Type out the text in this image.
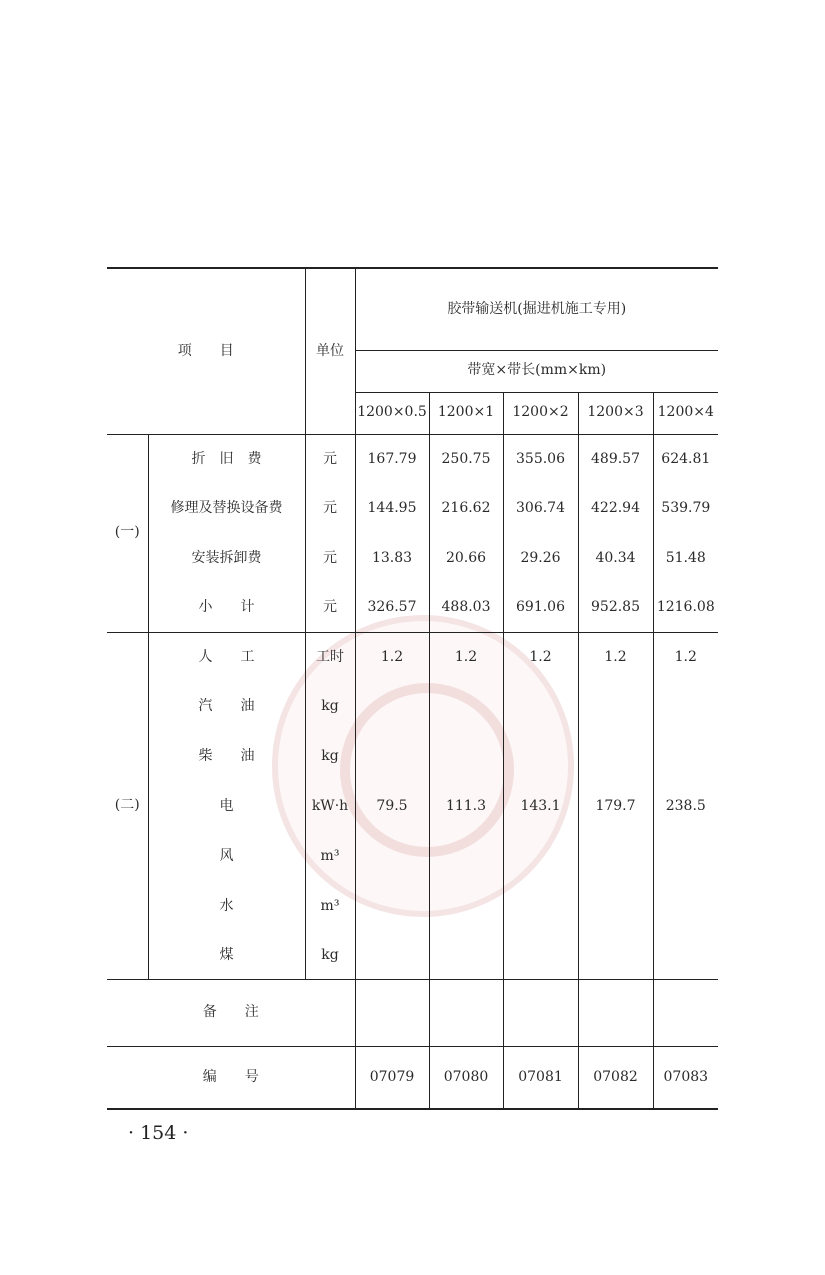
项　　目		单位	胶带输送机(掘进机施工专用)				
			带宽×带长(mm×km)				
			1200×0.5	1200×1	1200×2	1200×3	1200×4
(一)	折　旧　费	元	167.79	250.75	355.06	489.57	624.81
	修理及替换设备费	元	144.95	216.62	306.74	422.94	539.79
	安装拆卸费	元	13.83	20.66	29.26	40.34	51.48
	小　　计	元	326.57	488.03	691.06	952.85	1216.08
(二)	人　　工	工时	1.2	1.2	1.2	1.2	1.2
	汽　　油	kg					
	柴　　油	kg					
	电	kW·h	79.5	111.3	143.1	179.7	238.5
	风	m³					
	水	m³					
	煤	kg					
备　　注							
编　　号			07079	07080	07081	07082	07083
· 154 ·
